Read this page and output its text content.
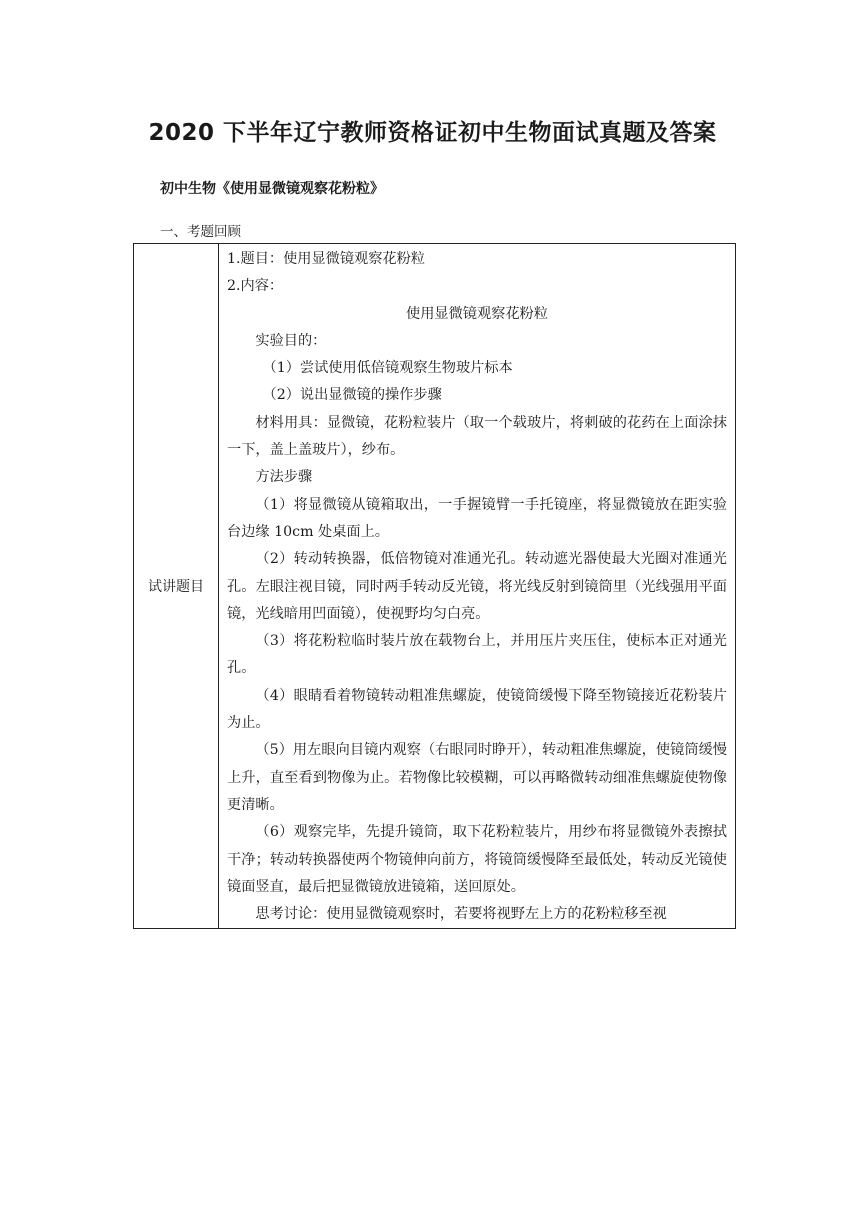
2020 下半年辽宁教师资格证初中生物面试真题及答案

初中生物《使用显微镜观察花粉粒》

一、考题回顾

试讲题目	

1.题目：使用显微镜观察花粉粒

2.内容：

使用显微镜观察花粉粒

实验目的：

（1）尝试使用低倍镜观察生物玻片标本

（2）说出显微镜的操作步骤

材料用具：显微镜，花粉粒装片（取一个载玻片，将刺破的花药在上面涂抹一下，盖上盖玻片），纱布。

方法步骤

（1）将显微镜从镜箱取出，一手握镜臂一手托镜座，将显微镜放在距实验台边缘 10cm 处桌面上。

（2）转动转换器，低倍物镜对准通光孔。转动遮光器使最大光圈对准通光孔。左眼注视目镜，同时两手转动反光镜，将光线反射到镜筒里（光线强用平面镜，光线暗用凹面镜），使视野均匀白亮。

（3）将花粉粒临时装片放在载物台上，并用压片夹压住，使标本正对通光孔。

（4）眼睛看着物镜转动粗准焦螺旋，使镜筒缓慢下降至物镜接近花粉装片为止。

（5）用左眼向目镜内观察（右眼同时睁开），转动粗准焦螺旋，使镜筒缓慢上升，直至看到物像为止。若物像比较模糊，可以再略微转动细准焦螺旋使物像更清晰。

（6）观察完毕，先提升镜筒，取下花粉粒装片，用纱布将显微镜外表擦拭干净；转动转换器使两个物镜伸向前方，将镜筒缓慢降至最低处，转动反光镜使镜面竖直，最后把显微镜放进镜箱，送回原处。

思考讨论：使用显微镜观察时，若要将视野左上方的花粉粒移至视
